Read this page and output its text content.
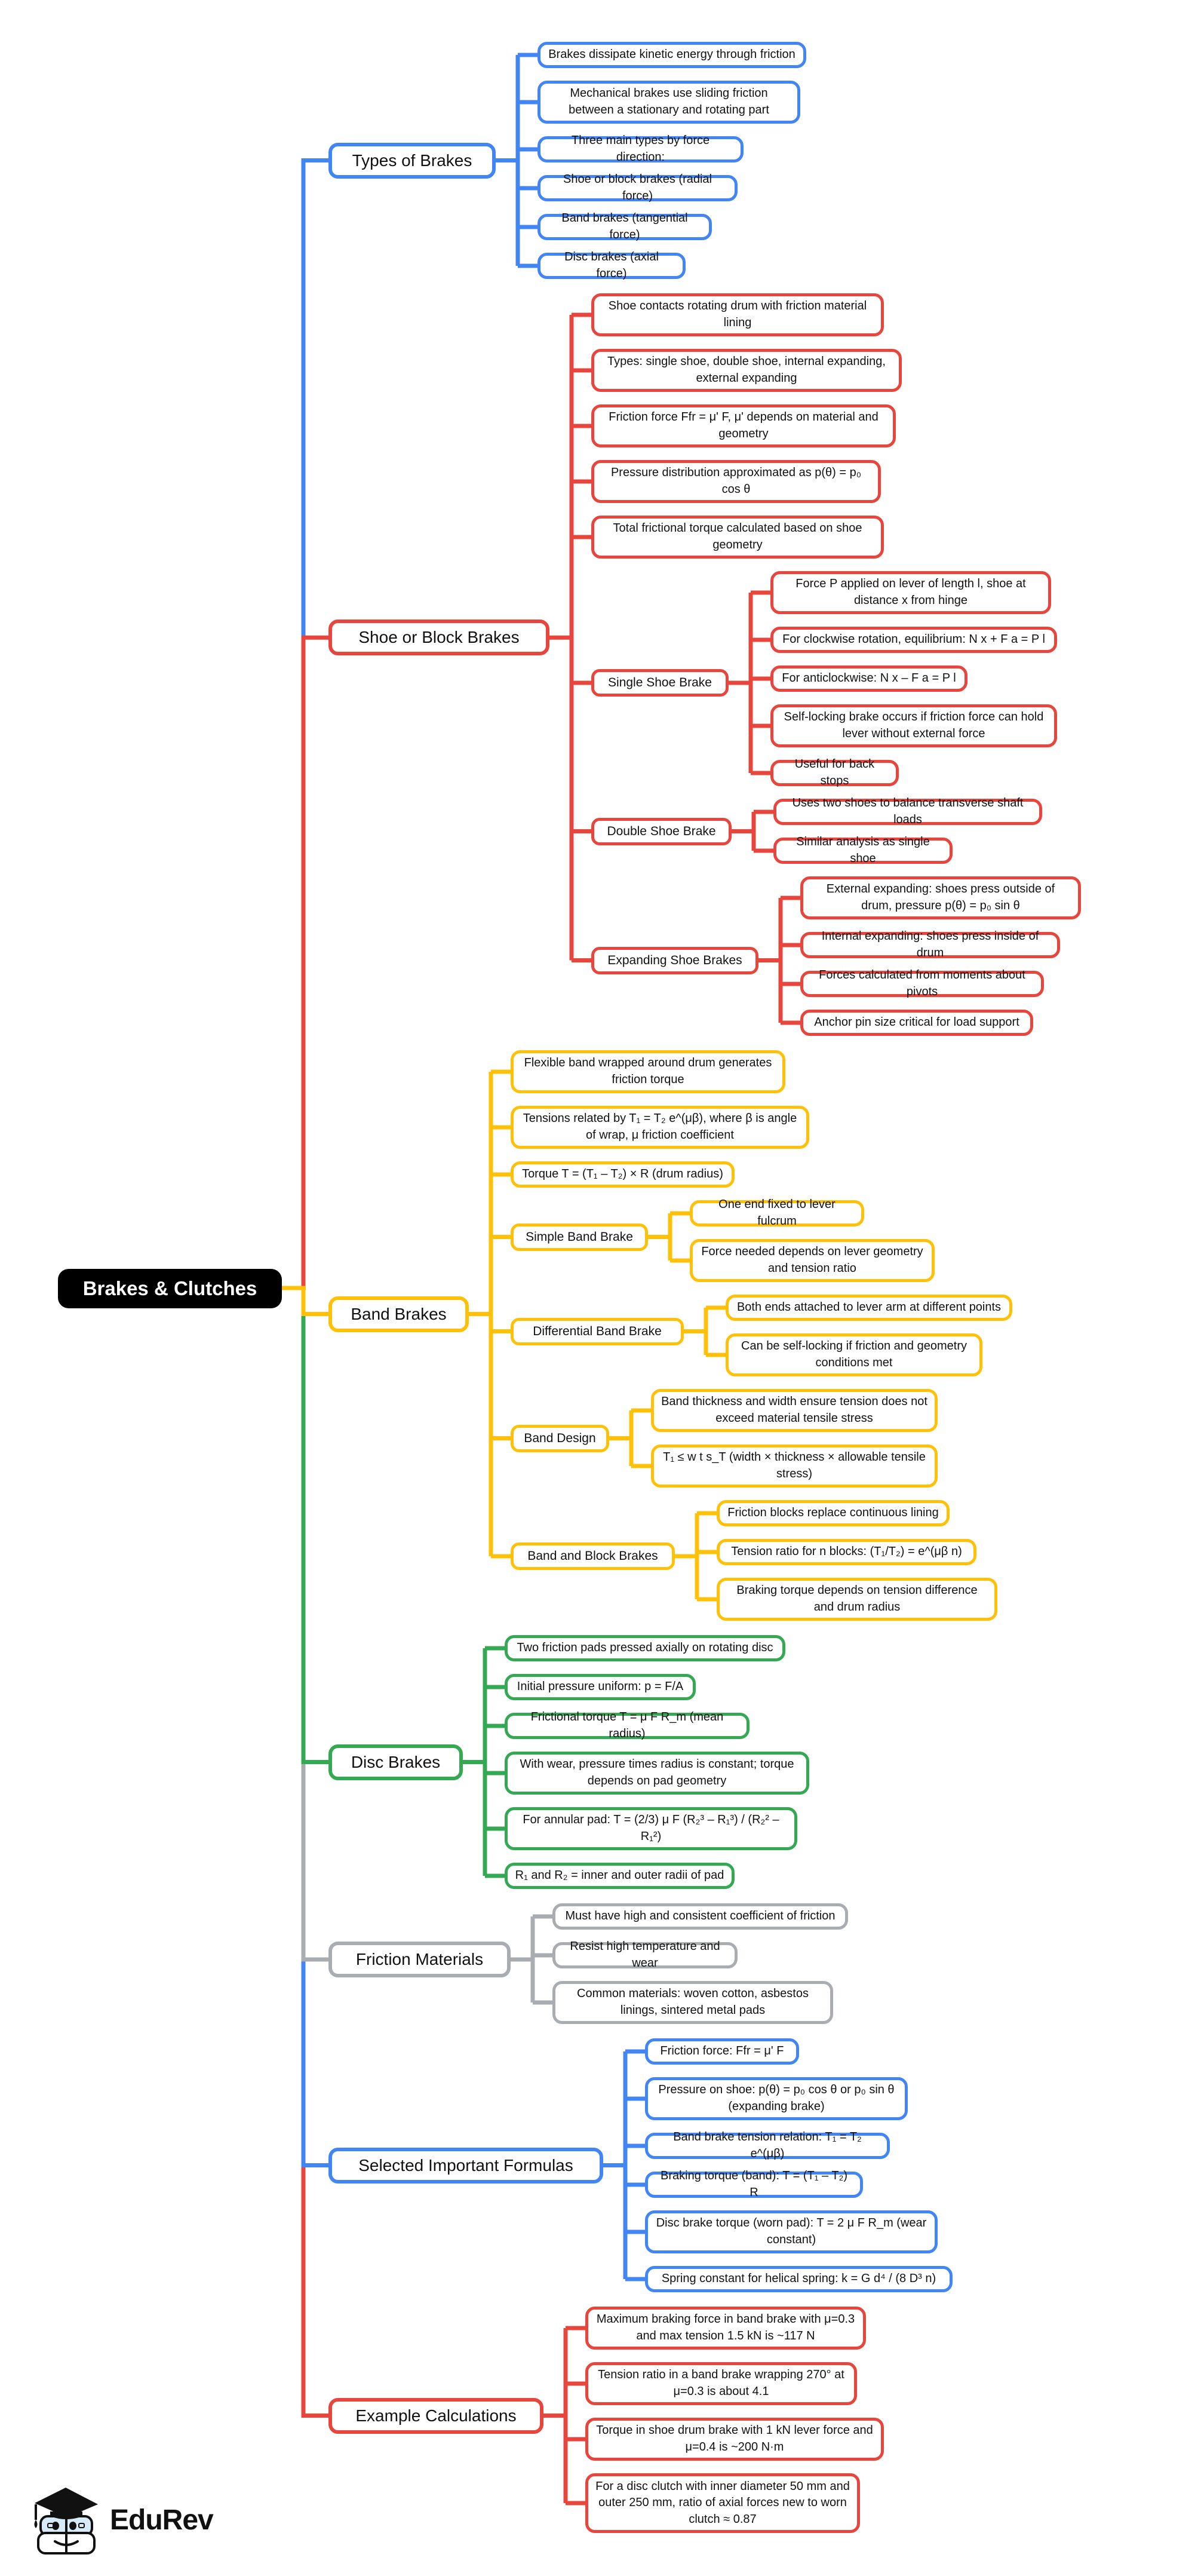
Brakes & Clutches
Brakes dissipate kinetic energy through friction
Mechanical brakes use sliding friction between a stationary and rotating part
Three main types by force direction:
Shoe or block brakes (radial force)
Band brakes (tangential force)
Disc brakes (axial force)
Types of Brakes
Shoe contacts rotating drum with friction material lining
Types: single shoe, double shoe, internal expanding, external expanding
Friction force Ffr = μ' F, μ' depends on material and geometry
Pressure distribution approximated as p(θ) = p₀ cos θ
Total frictional torque calculated based on shoe geometry
Force P applied on lever of length l, shoe at distance x from hinge
For clockwise rotation, equilibrium: N x + F a = P l
For anticlockwise: N x – F a = P l
Self-locking brake occurs if friction force can hold lever without external force
Useful for back stops
Single Shoe Brake
Uses two shoes to balance transverse shaft loads
Similar analysis as single shoe
Double Shoe Brake
External expanding: shoes press outside of drum, pressure p(θ) = p₀ sin θ
Internal expanding: shoes press inside of drum
Forces calculated from moments about pivots
Anchor pin size critical for load support
Expanding Shoe Brakes
Shoe or Block Brakes
Flexible band wrapped around drum generates friction torque
Tensions related by T₁ = T₂ e^(μβ), where β is angle of wrap, μ friction coefficient
Torque T = (T₁ – T₂) × R (drum radius)
One end fixed to lever fulcrum
Force needed depends on lever geometry and tension ratio
Simple Band Brake
Both ends attached to lever arm at different points
Can be self-locking if friction and geometry conditions met
Differential Band Brake
Band thickness and width ensure tension does not exceed material tensile stress
T₁ ≤ w t s_T (width × thickness × allowable tensile stress)
Band Design
Friction blocks replace continuous lining
Tension ratio for n blocks: (T₁/T₂) = e^(μβ n)
Braking torque depends on tension difference and drum radius
Band and Block Brakes
Band Brakes
Two friction pads pressed axially on rotating disc
Initial pressure uniform: p = F/A
Frictional torque T = μ F R_m (mean radius)
With wear, pressure times radius is constant; torque depends on pad geometry
For annular pad: T = (2/3) μ F (R₂³ – R₁³) / (R₂² – R₁²)
R₁ and R₂ = inner and outer radii of pad
Disc Brakes
Must have high and consistent coefficient of friction
Resist high temperature and wear
Common materials: woven cotton, asbestos linings, sintered metal pads
Friction Materials
Friction force: Ffr = μ' F
Pressure on shoe: p(θ) = p₀ cos θ or p₀ sin θ (expanding brake)
Band brake tension relation: T₁ = T₂ e^(μβ)
Braking torque (band): T = (T₁ – T₂) R
Disc brake torque (worn pad): T = 2 μ F R_m (wear constant)
Spring constant for helical spring: k = G d⁴ / (8 D³ n)
Selected Important Formulas
Maximum braking force in band brake with μ=0.3 and max tension 1.5 kN is ~117 N
Tension ratio in a band brake wrapping 270° at μ=0.3 is about 4.1
Torque in shoe drum brake with 1 kN lever force and μ=0.4 is ~200 N·m
For a disc clutch with inner diameter 50 mm and outer 250 mm, ratio of axial forces new to worn clutch ≈ 0.87
Example Calculations
EduRev
